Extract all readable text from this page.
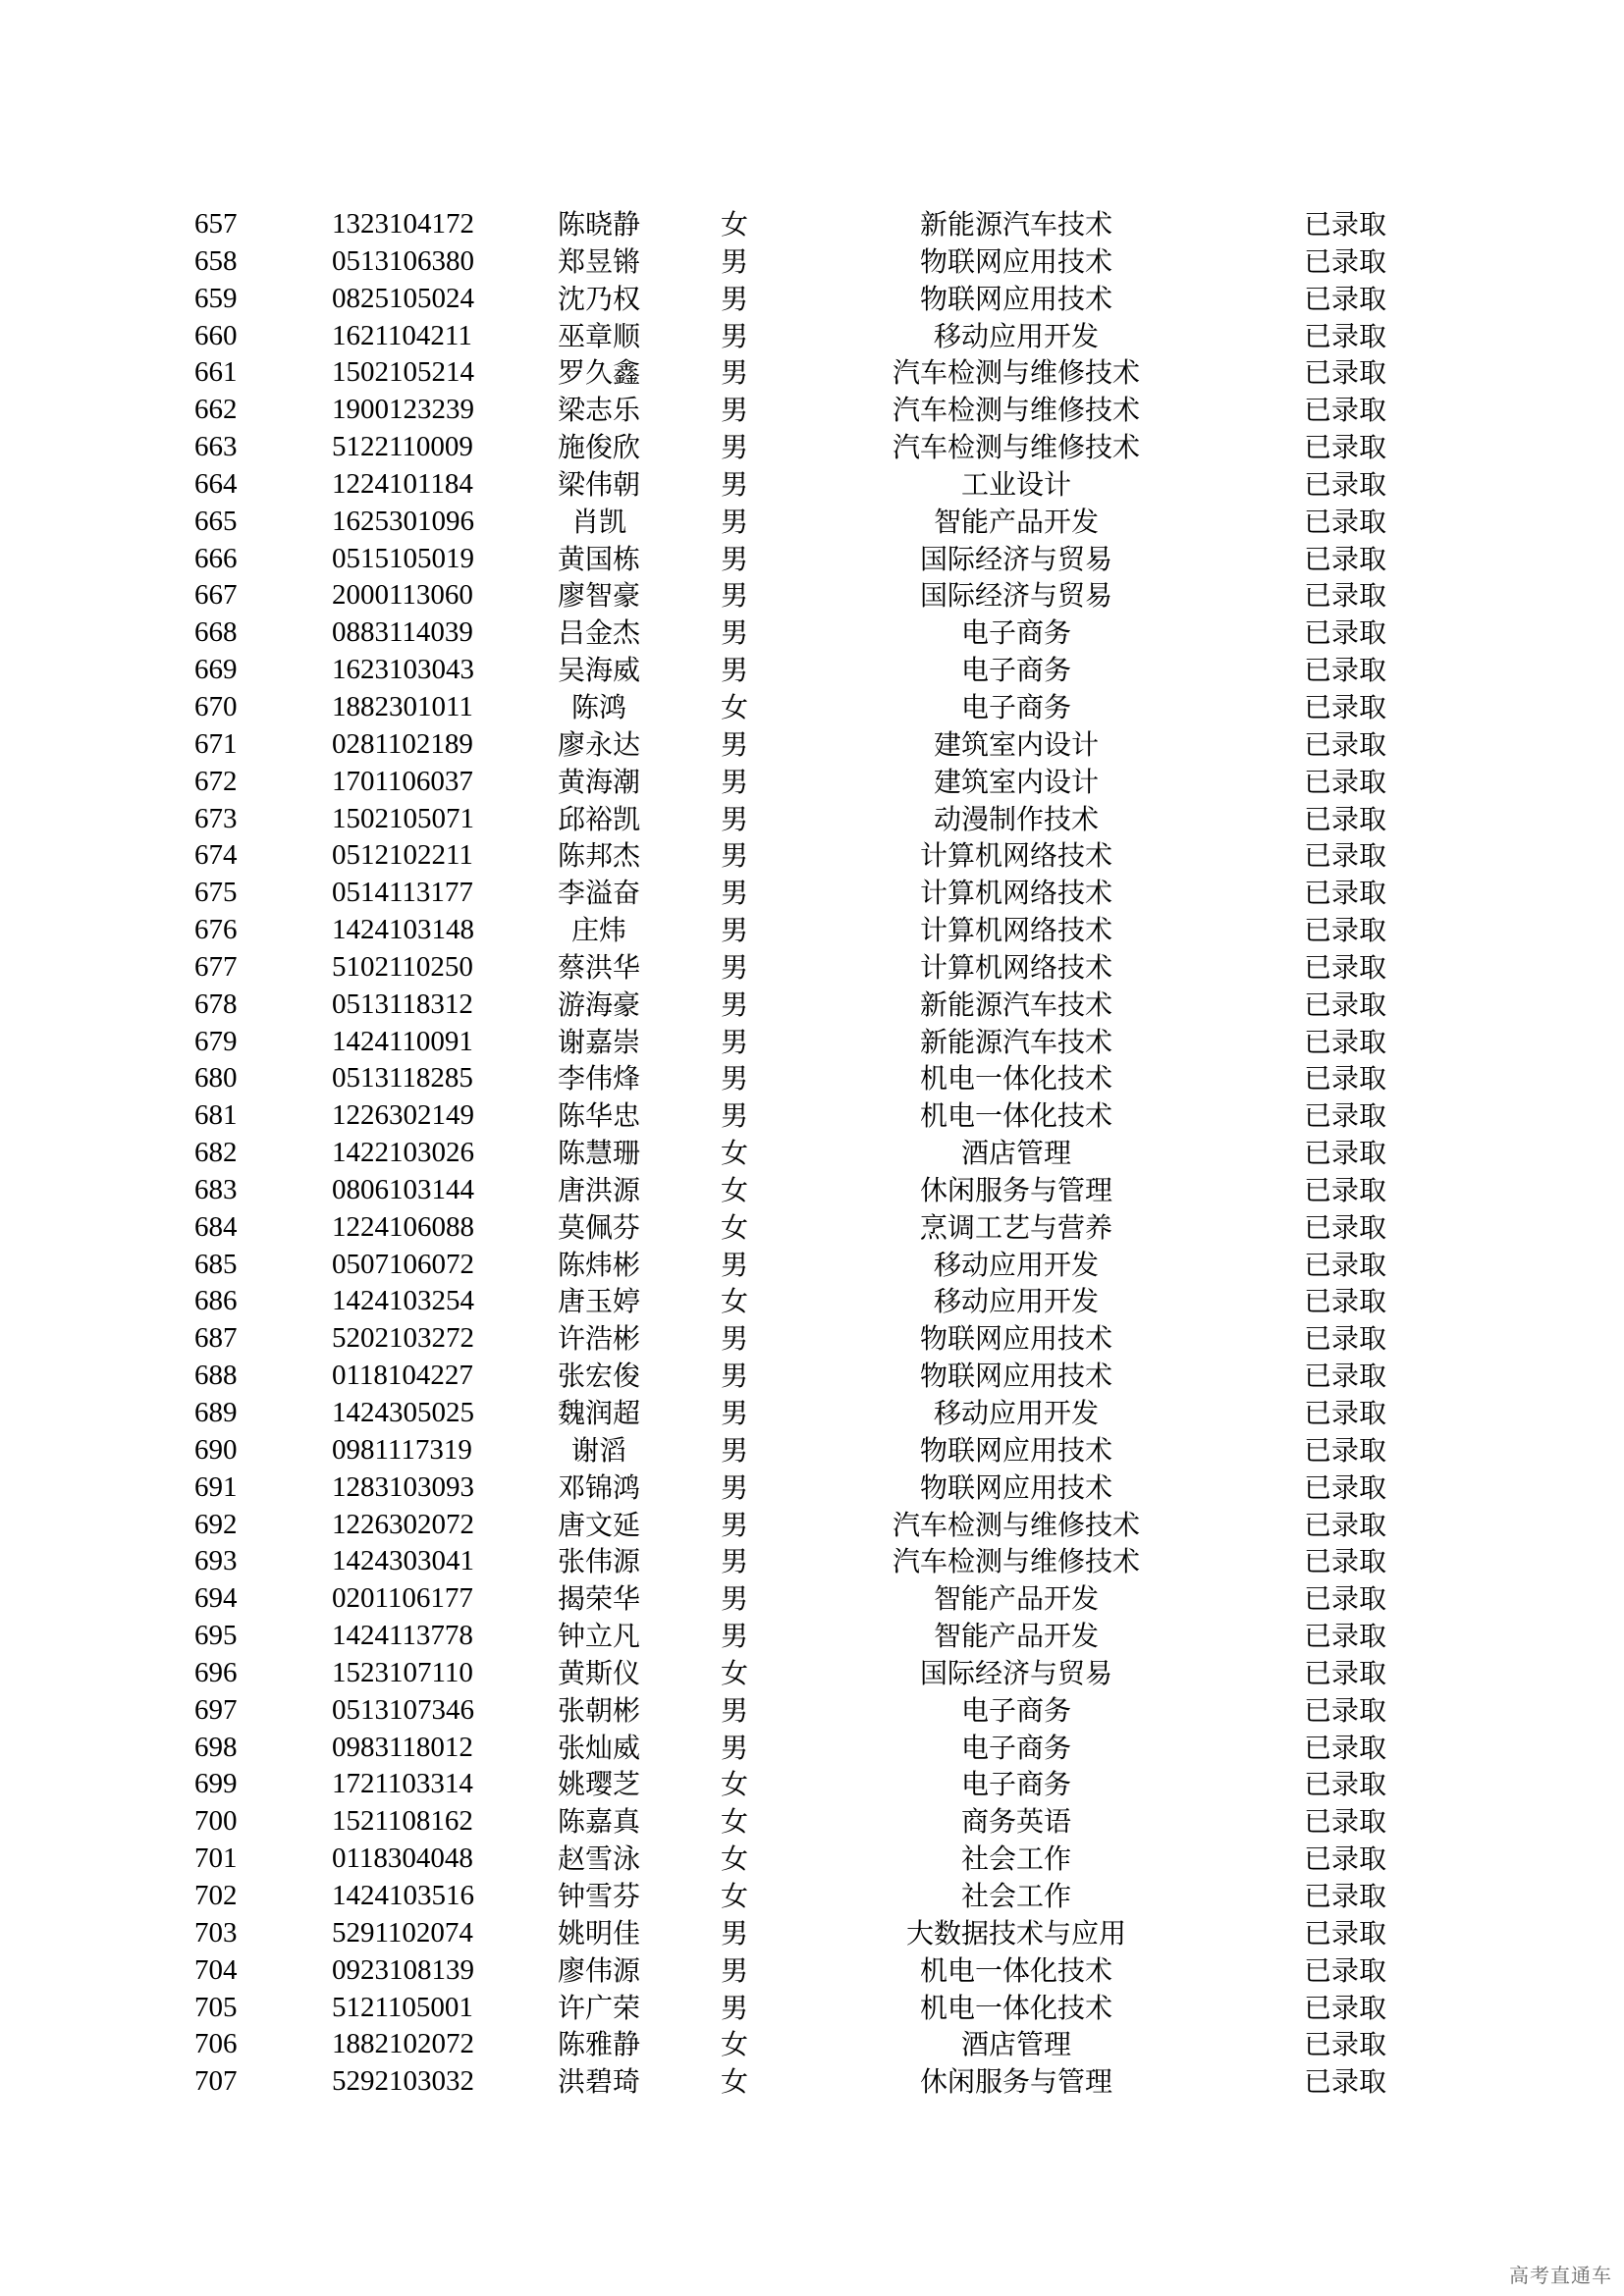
657	1323104172	陈晓静	女	新能源汽车技术	已录取
658	0513106380	郑昱锵	男	物联网应用技术	已录取
659	0825105024	沈乃权	男	物联网应用技术	已录取
660	1621104211	巫章顺	男	移动应用开发	已录取
661	1502105214	罗久鑫	男	汽车检测与维修技术	已录取
662	1900123239	梁志乐	男	汽车检测与维修技术	已录取
663	5122110009	施俊欣	男	汽车检测与维修技术	已录取
664	1224101184	梁伟朝	男	工业设计	已录取
665	1625301096	肖凯	男	智能产品开发	已录取
666	0515105019	黄国栋	男	国际经济与贸易	已录取
667	2000113060	廖智豪	男	国际经济与贸易	已录取
668	0883114039	吕金杰	男	电子商务	已录取
669	1623103043	吴海威	男	电子商务	已录取
670	1882301011	陈鸿	女	电子商务	已录取
671	0281102189	廖永达	男	建筑室内设计	已录取
672	1701106037	黄海潮	男	建筑室内设计	已录取
673	1502105071	邱裕凯	男	动漫制作技术	已录取
674	0512102211	陈邦杰	男	计算机网络技术	已录取
675	0514113177	李溢奋	男	计算机网络技术	已录取
676	1424103148	庄炜	男	计算机网络技术	已录取
677	5102110250	蔡洪华	男	计算机网络技术	已录取
678	0513118312	游海豪	男	新能源汽车技术	已录取
679	1424110091	谢嘉崇	男	新能源汽车技术	已录取
680	0513118285	李伟烽	男	机电一体化技术	已录取
681	1226302149	陈华忠	男	机电一体化技术	已录取
682	1422103026	陈慧珊	女	酒店管理	已录取
683	0806103144	唐洪源	女	休闲服务与管理	已录取
684	1224106088	莫佩芬	女	烹调工艺与营养	已录取
685	0507106072	陈炜彬	男	移动应用开发	已录取
686	1424103254	唐玉婷	女	移动应用开发	已录取
687	5202103272	许浩彬	男	物联网应用技术	已录取
688	0118104227	张宏俊	男	物联网应用技术	已录取
689	1424305025	魏润超	男	移动应用开发	已录取
690	0981117319	谢滔	男	物联网应用技术	已录取
691	1283103093	邓锦鸿	男	物联网应用技术	已录取
692	1226302072	唐文延	男	汽车检测与维修技术	已录取
693	1424303041	张伟源	男	汽车检测与维修技术	已录取
694	0201106177	揭荣华	男	智能产品开发	已录取
695	1424113778	钟立凡	男	智能产品开发	已录取
696	1523107110	黄斯仪	女	国际经济与贸易	已录取
697	0513107346	张朝彬	男	电子商务	已录取
698	0983118012	张灿威	男	电子商务	已录取
699	1721103314	姚璎芝	女	电子商务	已录取
700	1521108162	陈嘉真	女	商务英语	已录取
701	0118304048	赵雪泳	女	社会工作	已录取
702	1424103516	钟雪芬	女	社会工作	已录取
703	5291102074	姚明佳	男	大数据技术与应用	已录取
704	0923108139	廖伟源	男	机电一体化技术	已录取
705	5121105001	许广荣	男	机电一体化技术	已录取
706	1882102072	陈雅静	女	酒店管理	已录取
707	5292103032	洪碧琦	女	休闲服务与管理	已录取
高考直通车
